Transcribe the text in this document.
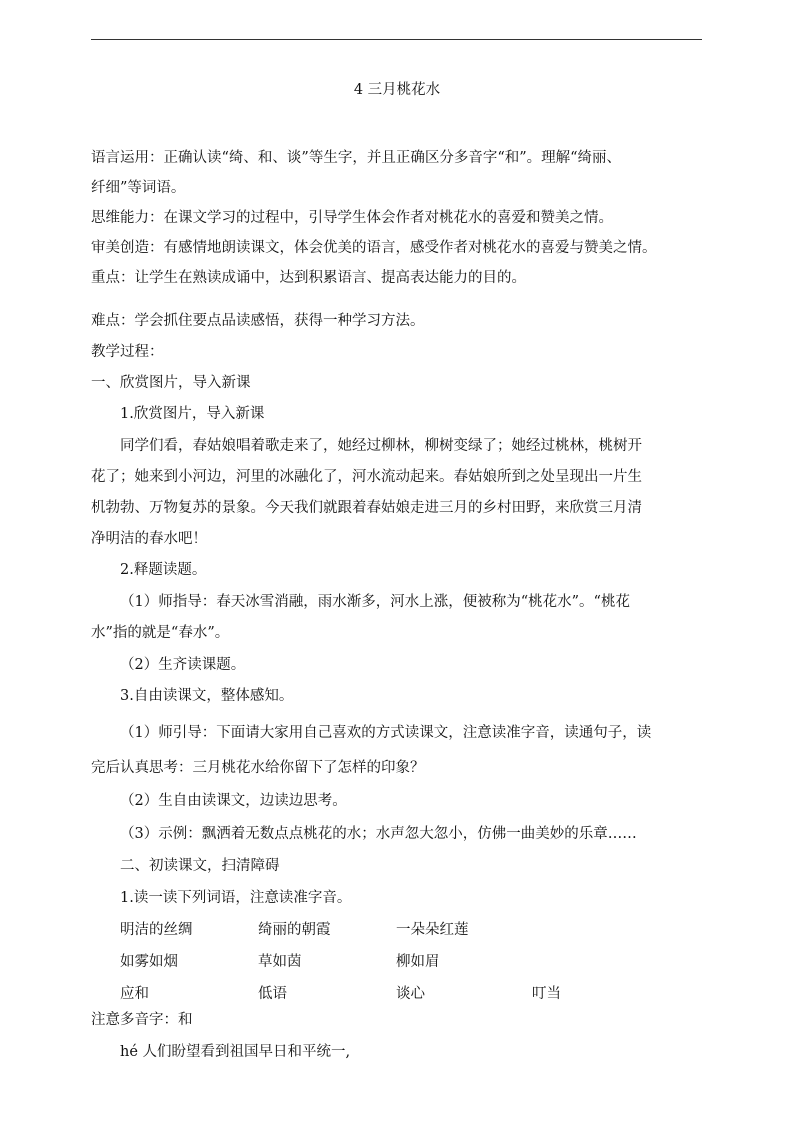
4 三月桃花水
语言运用：正确认读“绮、和、谈”等生字，并且正确区分多音字“和”。理解“绮丽、
纤细”等词语。
思维能力：在课文学习的过程中，引导学生体会作者对桃花水的喜爱和赞美之情。
审美创造：有感情地朗读课文，体会优美的语言，感受作者对桃花水的喜爱与赞美之情。
重点：让学生在熟读成诵中，达到积累语言、提高表达能力的目的。
难点：学会抓住要点品读感悟，获得一种学习方法。
教学过程：
一、欣赏图片，导入新课
1.欣赏图片，导入新课
同学们看，春姑娘唱着歌走来了，她经过柳林，柳树变绿了；她经过桃林，桃树开
花了；她来到小河边，河里的冰融化了，河水流动起来。春姑娘所到之处呈现出一片生
机勃勃、万物复苏的景象。今天我们就跟着春姑娘走进三月的乡村田野，来欣赏三月清
净明洁的春水吧！
2.释题读题。
（1）师指导：春天冰雪消融，雨水渐多，河水上涨，便被称为“桃花水”。“桃花
水”指的就是“春水”。
（2）生齐读课题。
3.自由读课文，整体感知。
（1）师引导：下面请大家用自己喜欢的方式读课文，注意读准字音，读通句子，读
完后认真思考：三月桃花水给你留下了怎样的印象？
（2）生自由读课文，边读边思考。
（3）示例：飘洒着无数点点桃花的水；水声忽大忽小，仿佛一曲美妙的乐章……
二、初读课文，扫清障碍
1.读一读下列词语，注意读准字音。
明洁的丝绸	绮丽的朝霞	一朵朵红莲
如雾如烟	草如茵	柳如眉
应和	低语	谈心	叮当
注意多音字：和
hé 人们盼望看到祖国早日和平统一,
